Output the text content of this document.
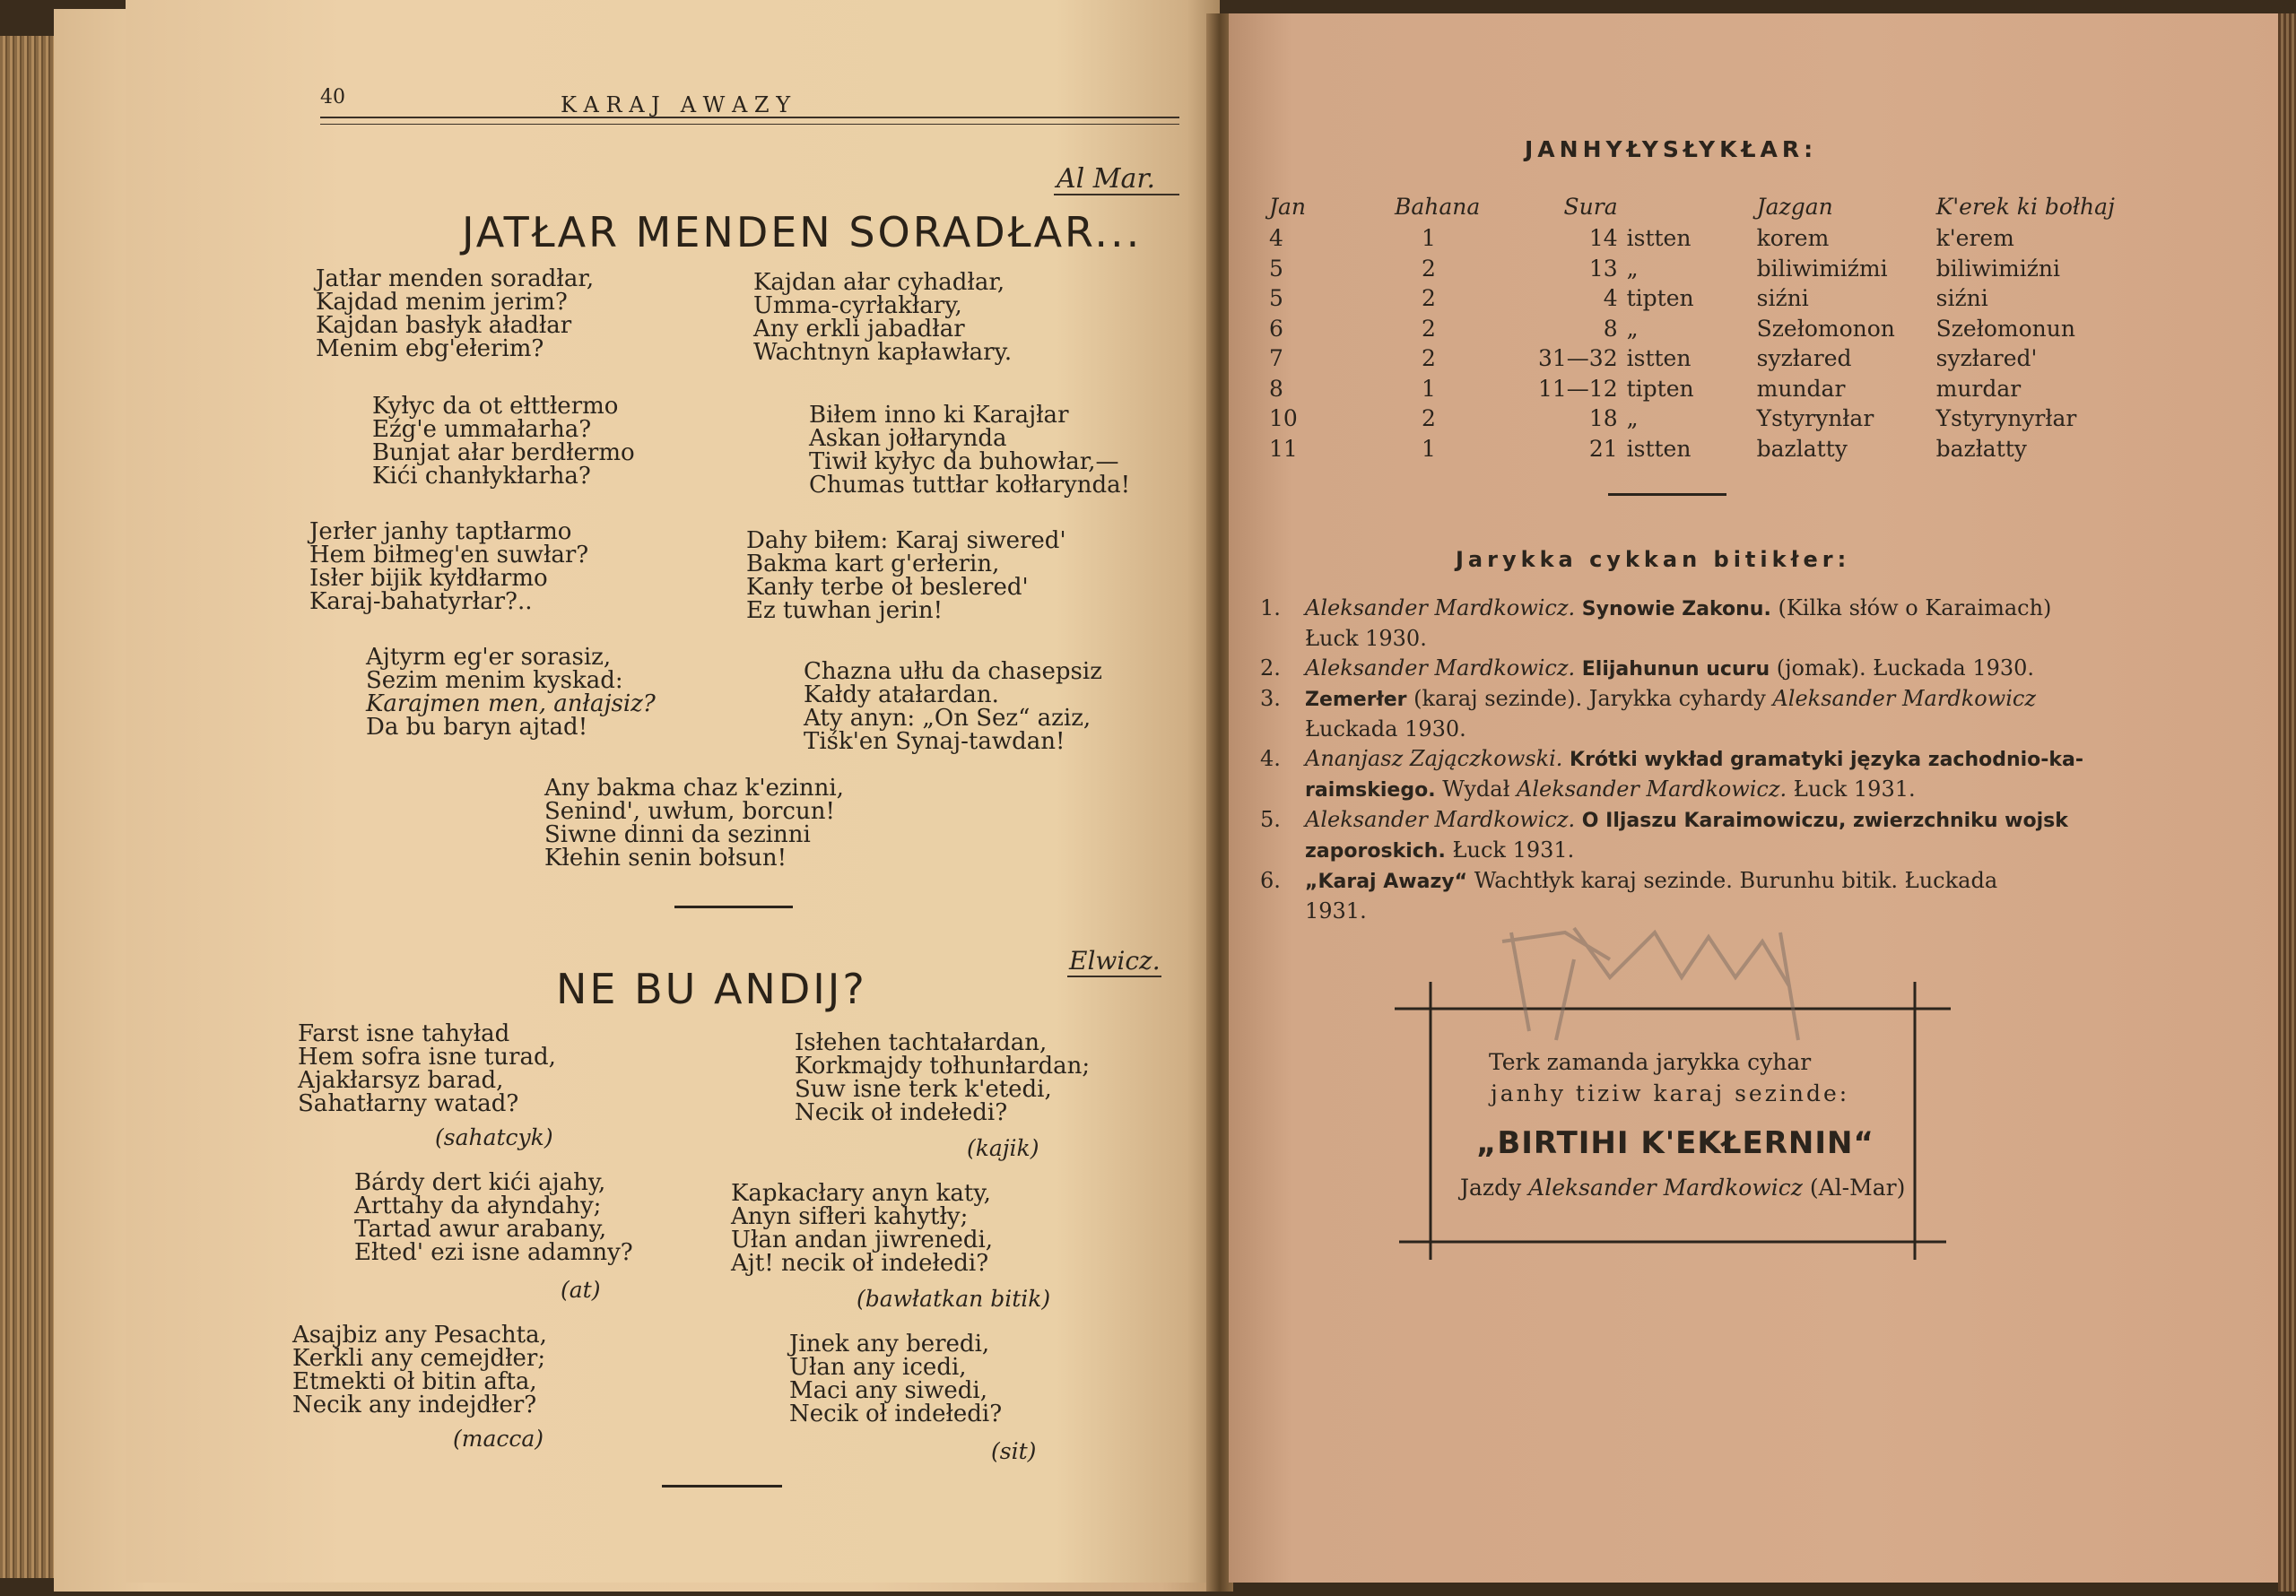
40	K A R A J   A W A Z Y
Al Mar.
JATŁAR MENDEN SORADŁAR...
Jatłar menden soradłar,
Kajdad menim jerim?
Kajdan basłyk aładłar
Menim ebg'ełerim?
Kyłyc da ot ełttłermo
Eźg'e ummałarha?
Bunjat ałar berdłermo
Kići chanłykłarha?
Jerłer janhy taptłarmo
Hem biłmeg'en suwłar?
Isłer bijik kyłdłarmo
Karaj-bahatyrłar?..
Ajtyrm eg'er sorasiz,
Sezim menim kyskad:
Karajmen men, anłajsiz?
Da bu baryn ajtad!
Kajdan ałar cyhadłar,
Umma-cyrłakłary,
Any erkli jabadłar
Wachtnyn kapławłary.
Biłem inno ki Karajłar
Askan jołłarynda
Tiwił kyłyc da buhowłar,—
Chumas tuttłar kołłarynda!
Dahy biłem: Karaj siwered'
Bakma kart g'erłerin,
Kanły terbe oł beslered'
Ez tuwhan jerin!
Chazna ułłu da chasepsiz
Kałdy atałardan.
Aty anyn: „On Sez“ aziz,
Tiśk'en Synaj-tawdan!
Any bakma chaz k'ezinni,
Senind', uwłum, borcun!
Siwne dinni da sezinni
Kłehin senin bołsun!
Elwicz.
NE BU ANDIJ?
Farst isne tahyład
Hem sofra isne turad,
Ajakłarsyz barad,
Sahatłarny watad?
(sahatcyk)
Isłehen tachtałardan,
Korkmajdy tołhunłardan;
Suw isne terk k'etedi,
Necik oł indełedi?
(kajik)
Bárdy dert kići ajahy,
Arttahy da ałyndahy;
Tartad awur arabany,
Ełted' ezi isne adamny?
(at)
Kapkacłary anyn katy,
Anyn sifłeri kahytły;
Ułan andan jiwrenedi,
Ajt! necik oł indełedi?
(bawłatkan bitik)
Asajbiz any Pesachta,
Kerkli any cemejdłer;
Etmekti oł bitin afta,
Necik any indejdłer?
(macca)
Jinek any beredi,
Ułan any icedi,
Maci any siwedi,
Necik oł indełedi?
(sit)
JANHYŁYSŁYKŁAR:
Jan	Bahana	Sura		Jazgan	K'erek ki bołhaj
4	1	14	istten	korem	k'erem
5	2	13	„	biliwimiźmi	biliwimiźni
5	2	4	tipten	siźni	siźni
6	2	8	„	Szełomonon	Szełomonun
7	2	31—32	istten	syzłared	syzłared'
8	1	11—12	tipten	mundar	murdar
10	2	18	„	Ystyrynłar	Ystyrynyrłar
11	1	21	istten	bazlatty	bazłatty
Jarykka cykkan bitikłer:
1.	Aleksander Mardkowicz. Synowie Zakonu. (Kilka słów o Karaimach)
Łuck 1930.
2.	Aleksander Mardkowicz. Elijahunun ucuru (jomak). Łuckada 1930.
3.	Zemerłer (karaj sezinde). Jarykka cyhardy Aleksander Mardkowicz
Łuckada 1930.
4.	Ananjasz Zajączkowski. Krótki wykład gramatyki języka zachodnio-ka-
raimskiego. Wydał Aleksander Mardkowicz. Łuck 1931.
5.	Aleksander Mardkowicz. O Iljaszu Karaimowiczu, zwierzchniku wojsk
zaporoskich. Łuck 1931.
6.	„Karaj Awazy“ Wachtłyk karaj sezinde. Burunhu bitik. Łuckada
1931.
Terk zamanda jarykka cyhar
janhy tiziw karaj sezinde:
„BIRTIHI K'EKŁERNIN“
Jazdy Aleksander Mardkowicz (Al-Mar)
